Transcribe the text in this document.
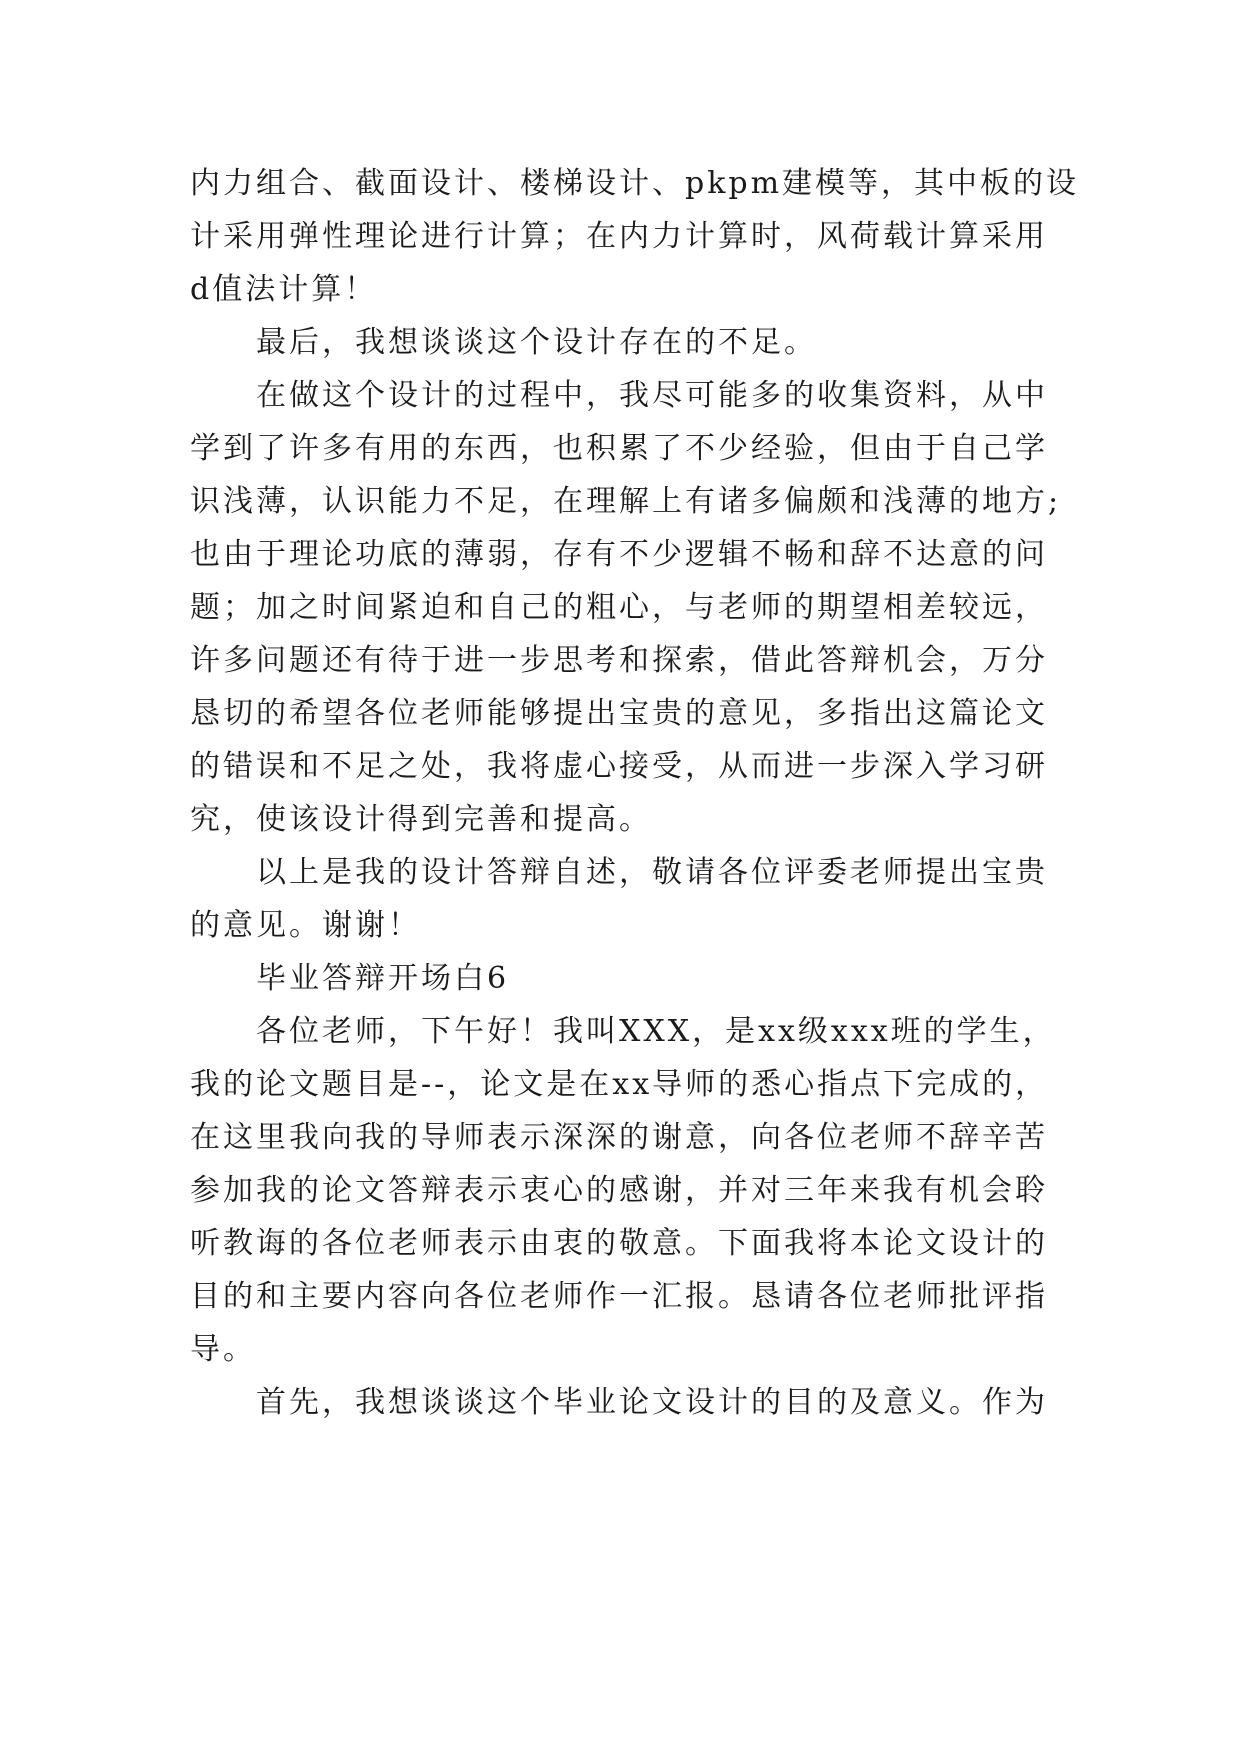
内力组合、截面设计、楼梯设计、pkpm建模等，其中板的设
计采用弹性理论进行计算；在内力计算时，风荷载计算采用
d值法计算！
最后，我想谈谈这个设计存在的不足。
在做这个设计的过程中，我尽可能多的收集资料，从中
学到了许多有用的东西，也积累了不少经验，但由于自己学
识浅薄，认识能力不足，在理解上有诸多偏颇和浅薄的地方;
也由于理论功底的薄弱，存有不少逻辑不畅和辞不达意的问
题；加之时间紧迫和自己的粗心，与老师的期望相差较远，
许多问题还有待于进一步思考和探索，借此答辩机会，万分
恳切的希望各位老师能够提出宝贵的意见，多指出这篇论文
的错误和不足之处，我将虚心接受，从而进一步深入学习研
究，使该设计得到完善和提高。
以上是我的设计答辩自述，敬请各位评委老师提出宝贵
的意见。谢谢！
毕业答辩开场白6
各位老师，下午好！我叫XXX，是xx级xxx班的学生，
我的论文题目是--，论文是在xx导师的悉心指点下完成的，
在这里我向我的导师表示深深的谢意，向各位老师不辞辛苦
参加我的论文答辩表示衷心的感谢，并对三年来我有机会聆
听教诲的各位老师表示由衷的敬意。下面我将本论文设计的
目的和主要内容向各位老师作一汇报。恳请各位老师批评指
导。
首先，我想谈谈这个毕业论文设计的目的及意义。作为
